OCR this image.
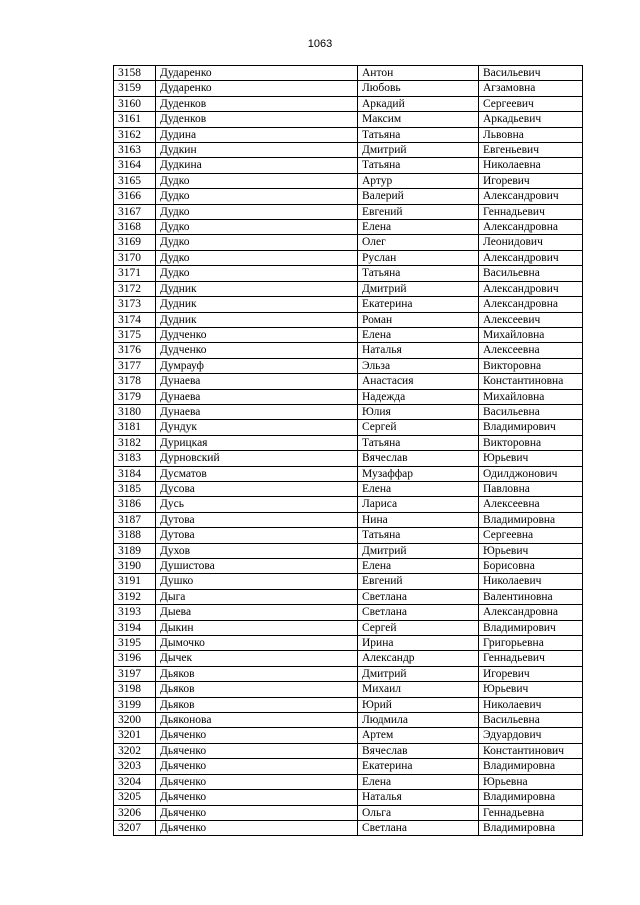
1063
3158	Дударенко	Антон	Васильевич
3159	Дударенко	Любовь	Агзамовна
3160	Дуденков	Аркадий	Сергеевич
3161	Дуденков	Максим	Аркадьевич
3162	Дудина	Татьяна	Львовна
3163	Дудкин	Дмитрий	Евгеньевич
3164	Дудкина	Татьяна	Николаевна
3165	Дудко	Артур	Игоревич
3166	Дудко	Валерий	Александрович
3167	Дудко	Евгений	Геннадьевич
3168	Дудко	Елена	Александровна
3169	Дудко	Олег	Леонидович
3170	Дудко	Руслан	Александрович
3171	Дудко	Татьяна	Васильевна
3172	Дудник	Дмитрий	Александрович
3173	Дудник	Екатерина	Александровна
3174	Дудник	Роман	Алексеевич
3175	Дудченко	Елена	Михайловна
3176	Дудченко	Наталья	Алексеевна
3177	Думрауф	Эльза	Викторовна
3178	Дунаева	Анастасия	Константиновна
3179	Дунаева	Надежда	Михайловна
3180	Дунаева	Юлия	Васильевна
3181	Дундук	Сергей	Владимирович
3182	Дурицкая	Татьяна	Викторовна
3183	Дурновский	Вячеслав	Юрьевич
3184	Дусматов	Музаффар	Одилджонович
3185	Дусова	Елена	Павловна
3186	Дусь	Лариса	Алексеевна
3187	Дутова	Нина	Владимировна
3188	Дутова	Татьяна	Сергеевна
3189	Духов	Дмитрий	Юрьевич
3190	Душистова	Елена	Борисовна
3191	Душко	Евгений	Николаевич
3192	Дыга	Светлана	Валентиновна
3193	Дыева	Светлана	Александровна
3194	Дыкин	Сергей	Владимирович
3195	Дымочко	Ирина	Григорьевна
3196	Дычек	Александр	Геннадьевич
3197	Дьяков	Дмитрий	Игоревич
3198	Дьяков	Михаил	Юрьевич
3199	Дьяков	Юрий	Николаевич
3200	Дьяконова	Людмила	Васильевна
3201	Дьяченко	Артем	Эдуардович
3202	Дьяченко	Вячеслав	Константинович
3203	Дьяченко	Екатерина	Владимировна
3204	Дьяченко	Елена	Юрьевна
3205	Дьяченко	Наталья	Владимировна
3206	Дьяченко	Ольга	Геннадьевна
3207	Дьяченко	Светлана	Владимировна
